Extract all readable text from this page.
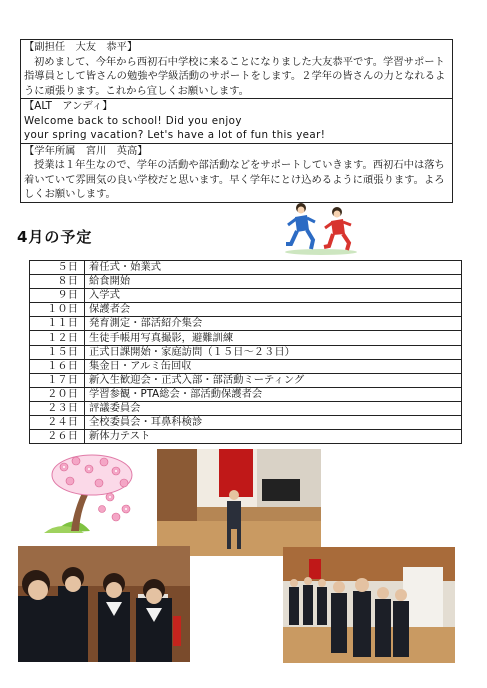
【副担任　大友　恭平】

初めまして、今年から西初石中学校に来ることになりました大友恭平です。学習サポート指導員として皆さんの勉強や学級活動のサポートをします。２学年の皆さんの力となれるように頑張ります。これから宜しくお願いします。

【ALT　アンディ】

Welcome back to school! Did you enjoy

your spring vacation? Let's have a lot of fun this year!

【学年所属　宮川　英高】

授業は１年生なので、学年の活動や部活動などをサポートしていきます。西初石中は落ち着いていて雰囲気の良い学校だと思います。早く学年にとけ込めるように頑張ります。よろしくお願いします。

4月の予定
５日	着任式・始業式
８日	給食開始
９日	入学式
１０日	保護者会
１１日	発育測定・部活紹介集会
１２日	生徒手帳用写真撮影，避難訓練
１５日	正式日課開始・家庭訪問（１５日～２３日）
１６日	集金日・アルミ缶回収
１７日	新入生歓迎会・正式入部・部活動ミーティング
２０日	学習参観・PTA総会・部活動保護者会
２３日	評議委員会
２４日	全校委員会・耳鼻科検診
２６日	新体力テスト
